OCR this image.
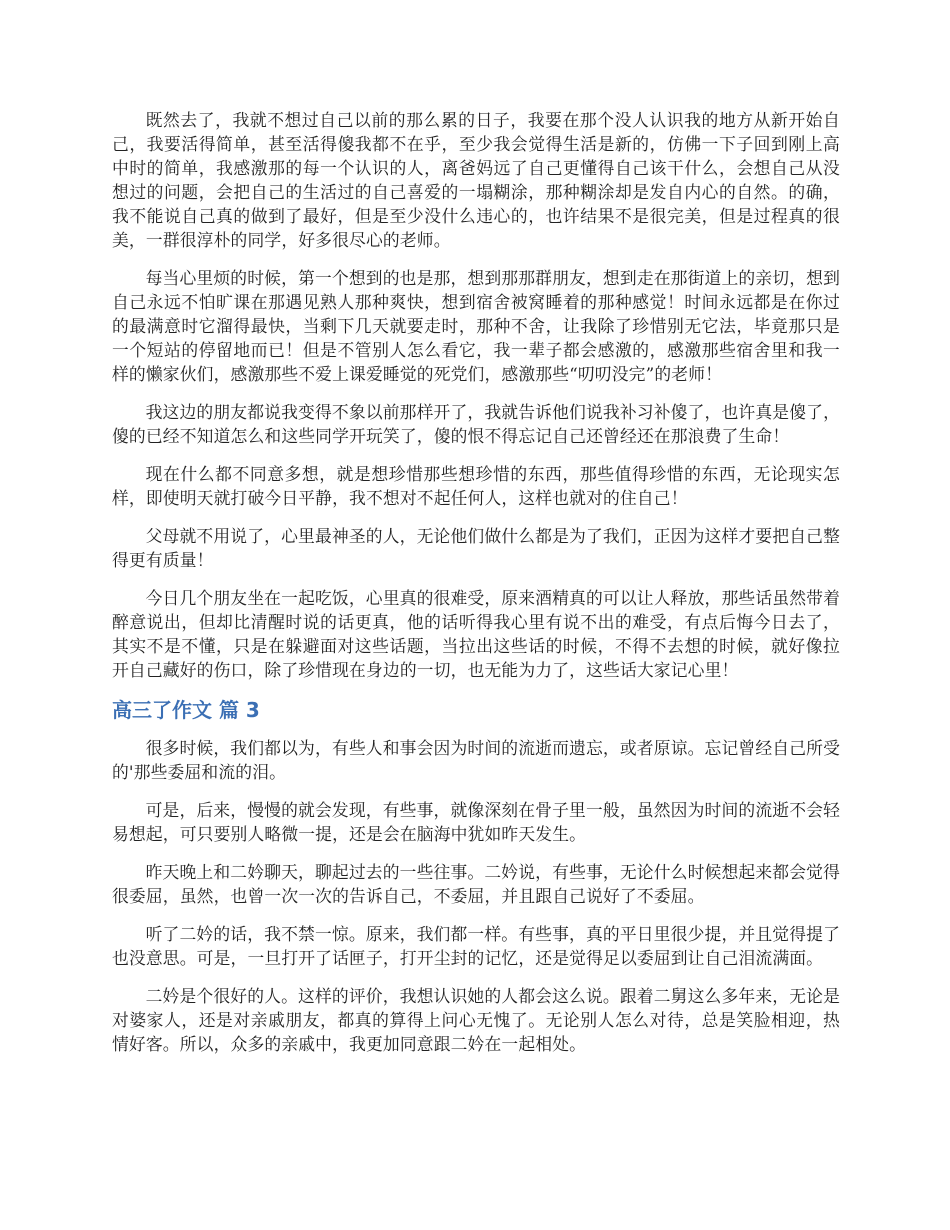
既然去了，我就不想过自己以前的那么累的日子，我要在那个没人认识我的地方从新开始自己，我要活得简单，甚至活得傻我都不在乎，至少我会觉得生活是新的，仿佛一下子回到刚上高中时的简单，我感激那的每一个认识的人，离爸妈远了自己更懂得自己该干什么，会想自己从没想过的问题，会把自己的生活过的自己喜爱的一塌糊涂，那种糊涂却是发自内心的自然。的确，我不能说自己真的做到了最好，但是至少没什么违心的，也许结果不是很完美，但是过程真的很美，一群很淳朴的同学，好多很尽心的老师。

每当心里烦的时候，第一个想到的也是那，想到那那群朋友，想到走在那街道上的亲切，想到自己永远不怕旷课在那遇见熟人那种爽快，想到宿舍被窝睡着的那种感觉！时间永远都是在你过的最满意时它溜得最快，当剩下几天就要走时，那种不舍，让我除了珍惜别无它法，毕竟那只是一个短站的停留地而已！但是不管别人怎么看它，我一辈子都会感激的，感激那些宿舍里和我一样的懒家伙们，感激那些不爱上课爱睡觉的死党们，感激那些“叨叨没完”的老师！

我这边的朋友都说我变得不象以前那样开了，我就告诉他们说我补习补傻了，也许真是傻了，傻的已经不知道怎么和这些同学开玩笑了，傻的恨不得忘记自己还曾经还在那浪费了生命！

现在什么都不同意多想，就是想珍惜那些想珍惜的东西，那些值得珍惜的东西，无论现实怎样，即使明天就打破今日平静，我不想对不起任何人，这样也就对的住自己！

父母就不用说了，心里最神圣的人，无论他们做什么都是为了我们，正因为这样才要把自己整得更有质量！

今日几个朋友坐在一起吃饭，心里真的很难受，原来酒精真的可以让人释放，那些话虽然带着醉意说出，但却比清醒时说的话更真，他的话听得我心里有说不出的难受，有点后悔今日去了，其实不是不懂，只是在躲避面对这些话题，当拉出这些话的时候，不得不去想的时候，就好像拉开自己藏好的伤口，除了珍惜现在身边的一切，也无能为力了，这些话大家记心里！

高三了作文 篇 3

很多时候，我们都以为，有些人和事会因为时间的流逝而遗忘，或者原谅。忘记曾经自己所受的'那些委屈和流的泪。

可是，后来，慢慢的就会发现，有些事，就像深刻在骨子里一般，虽然因为时间的流逝不会轻易想起，可只要别人略微一提，还是会在脑海中犹如昨天发生。

昨天晚上和二妗聊天，聊起过去的一些往事。二妗说，有些事，无论什么时候想起来都会觉得很委屈，虽然，也曾一次一次的告诉自己，不委屈，并且跟自己说好了不委屈。

听了二妗的话，我不禁一惊。原来，我们都一样。有些事，真的平日里很少提，并且觉得提了也没意思。可是，一旦打开了话匣子，打开尘封的记忆，还是觉得足以委屈到让自己泪流满面。

二妗是个很好的人。这样的评价，我想认识她的人都会这么说。跟着二舅这么多年来，无论是对婆家人，还是对亲戚朋友，都真的算得上问心无愧了。无论别人怎么对待，总是笑脸相迎，热情好客。所以，众多的亲戚中，我更加同意跟二妗在一起相处。
